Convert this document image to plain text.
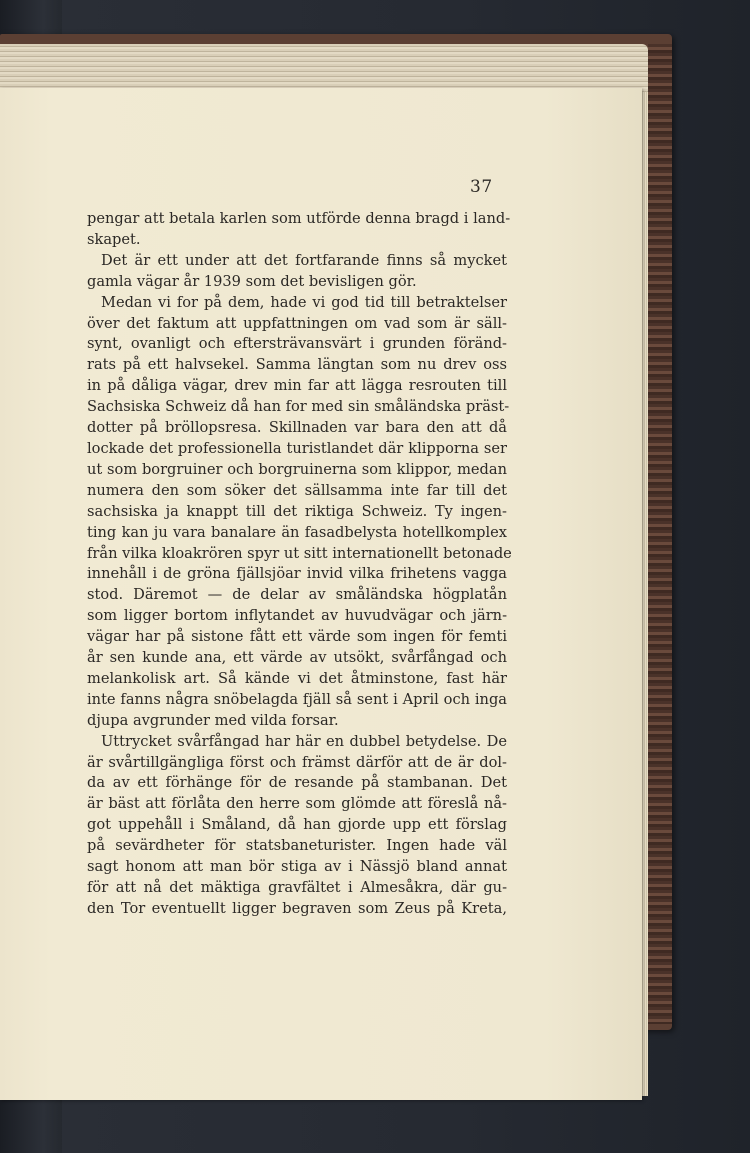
37
pengar att betala karlen som utförde denna bragd i land-
skapet.
Det är ett under att det fortfarande finns så mycket
gamla vägar år 1939 som det bevisligen gör.
Medan vi for på dem, hade vi god tid till betraktelser
över det faktum att uppfattningen om vad som är säll-
synt, ovanligt och eftersträvansvärt i grunden föränd-
rats på ett halvsekel. Samma längtan som nu drev oss
in på dåliga vägar, drev min far att lägga resrouten till
Sachsiska Schweiz då han for med sin småländska präst-
dotter på bröllopsresa. Skillnaden var bara den att då
lockade det professionella turistlandet där klipporna ser
ut som borgruiner och borgruinerna som klippor, medan
numera den som söker det sällsamma inte far till det
sachsiska ja knappt till det riktiga Schweiz. Ty ingen-
ting kan ju vara banalare än fasadbelysta hotellkomplex
från vilka kloakrören spyr ut sitt internationellt betonade
innehåll i de gröna fjällsjöar invid vilka frihetens vagga
stod. Däremot — de delar av småländska högplatån
som ligger bortom inflytandet av huvudvägar och järn-
vägar har på sistone fått ett värde som ingen för femti
år sen kunde ana, ett värde av utsökt, svårfångad och
melankolisk art. Så kände vi det åtminstone, fast här
inte fanns några snöbelagda fjäll så sent i April och inga
djupa avgrunder med vilda forsar.
Uttrycket svårfångad har här en dubbel betydelse. De
är svårtillgängliga först och främst därför att de är dol-
da av ett förhänge för de resande på stambanan. Det
är bäst att förlåta den herre som glömde att föreslå nå-
got uppehåll i Småland, då han gjorde upp ett förslag
på sevärdheter för statsbaneturister. Ingen hade väl
sagt honom att man bör stiga av i Nässjö bland annat
för att nå det mäktiga gravfältet i Almesåkra, där gu-
den Tor eventuellt ligger begraven som Zeus på Kreta,
